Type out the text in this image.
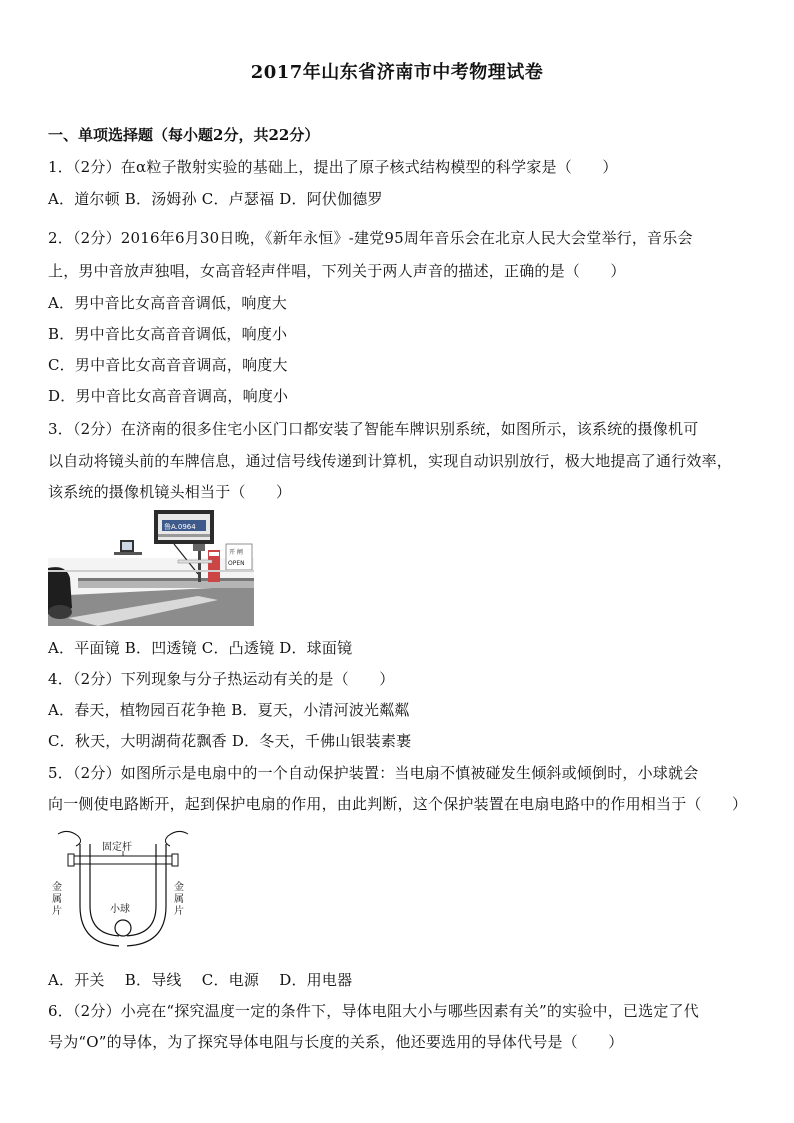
2017年山东省济南市中考物理试卷
一、单项选择题（每小题2分，共22分）
1．（2分）在α粒子散射实验的基础上，提出了原子核式结构模型的科学家是（　　）
A．道尔顿 B．汤姆孙 C．卢瑟福 D．阿伏伽德罗
2．（2分）2016年6月30日晚，《新年永恒》-建党95周年音乐会在北京人民大会堂举行，音乐会
上，男中音放声独唱，女高音轻声伴唱，下列关于两人声音的描述，正确的是（　　）
A．男中音比女高音音调低，响度大
B．男中音比女高音音调低，响度小
C．男中音比女高音音调高，响度大
D．男中音比女高音音调高，响度小
3．（2分）在济南的很多住宅小区门口都安装了智能车牌识别系统，如图所示，该系统的摄像机可
以自动将镜头前的车牌信息，通过信号线传递到计算机，实现自动识别放行，极大地提高了通行效率，
该系统的摄像机镜头相当于（　　）
鲁A.0964
开 闸
OPEN
A．平面镜 B．凹透镜 C．凸透镜 D．球面镜
4．（2分）下列现象与分子热运动有关的是（　　）
A．春天，植物园百花争艳 B．夏天，小清河波光粼粼
C．秋天，大明湖荷花飘香 D．冬天，千佛山银装素裹
5．（2分）如图所示是电扇中的一个自动保护装置：当电扇不慎被碰发生倾斜或倾倒时，小球就会
向一侧使电路断开，起到保护电扇的作用，由此判断，这个保护装置在电扇电路中的作用相当于（　　）
固定杆
小球
金
属
片
金
属
片
A．开关　 B．导线　 C．电源　 D．用电器
6．（2分）小亮在“探究温度一定的条件下，导体电阻大小与哪些因素有关”的实验中，已选定了代
号为“O”的导体，为了探究导体电阻与长度的关系，他还要选用的导体代号是（　　）
